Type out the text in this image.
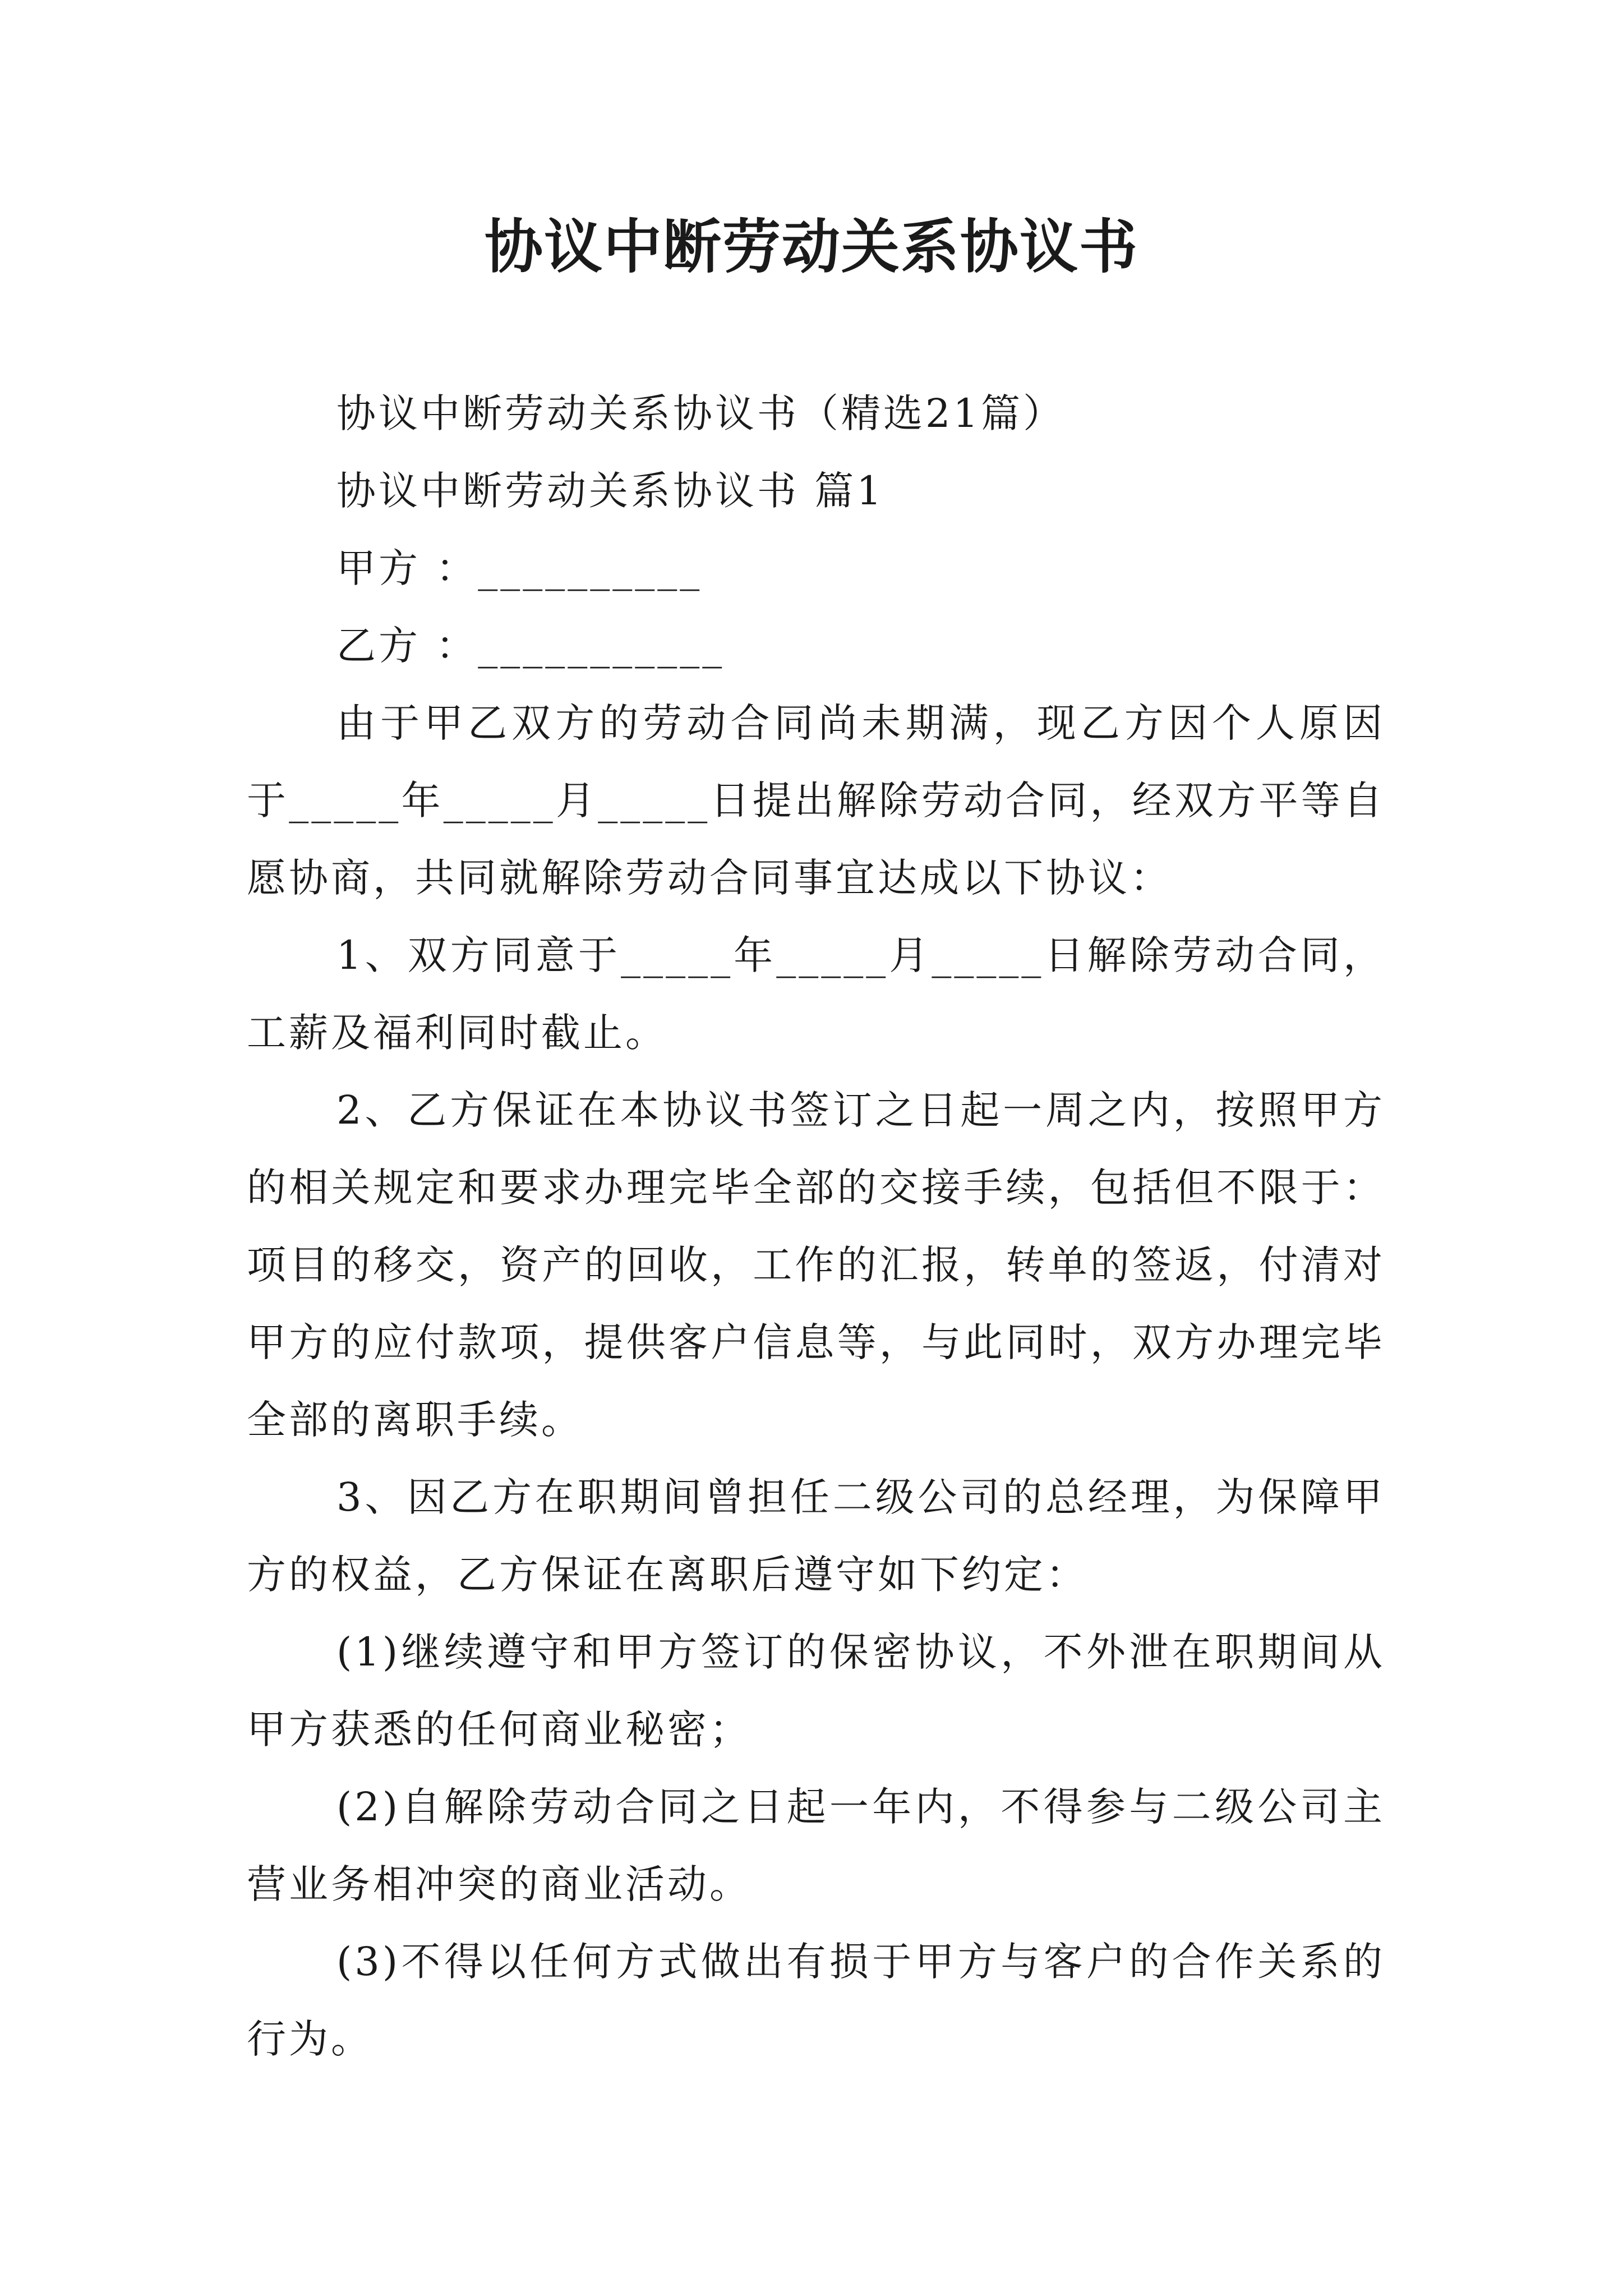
协议中断劳动关系协议书

协议中断劳动关系协议书（精选21篇）

协议中断劳动关系协议书 篇1

甲方 ：__________

乙方 ：___________

由于甲乙双方的劳动合同尚未期满，现乙方因个人原因于_____年_____月_____日提出解除劳动合同，经双方平等自愿协商，共同就解除劳动合同事宜达成以下协议：

1、双方同意于_____年_____月_____日解除劳动合同，工薪及福利同时截止。

2、乙方保证在本协议书签订之日起一周之内，按照甲方的相关规定和要求办理完毕全部的交接手续，包括但不限于：项目的移交，资产的回收，工作的汇报，转单的签返，付清对甲方的应付款项，提供客户信息等，与此同时，双方办理完毕全部的离职手续。

3、因乙方在职期间曾担任二级公司的总经理，为保障甲方的权益，乙方保证在离职后遵守如下约定：

(1)继续遵守和甲方签订的保密协议，不外泄在职期间从甲方获悉的任何商业秘密；

(2)自解除劳动合同之日起一年内，不得参与二级公司主营业务相冲突的商业活动。

(3)不得以任何方式做出有损于甲方与客户的合作关系的行为。
